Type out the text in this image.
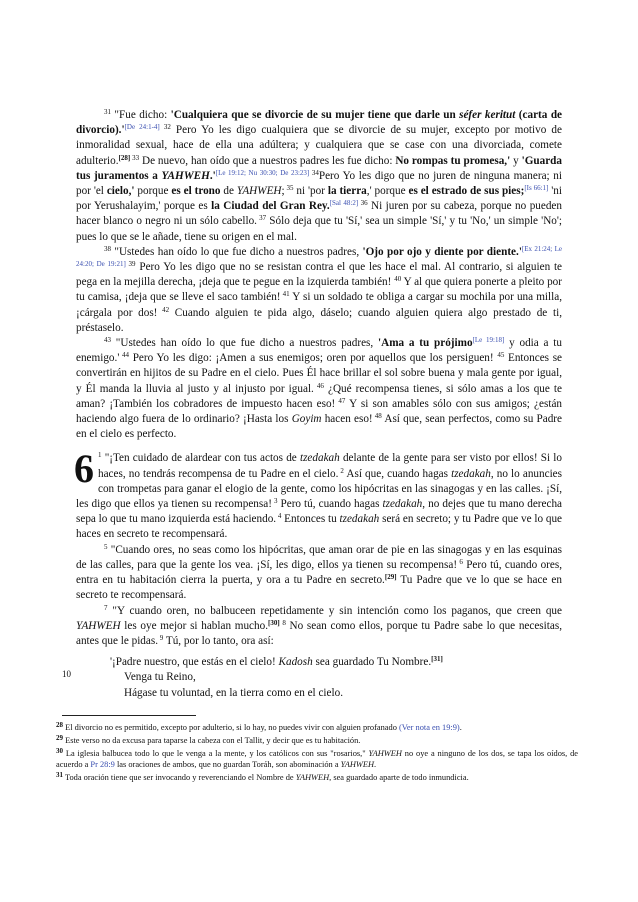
$^{31}$ "Fue dicho: 'Cualquiera que se divorcie de su mujer tiene que darle un séfer keritut (carta de divorcio).'[De 24:1-4] $^{32}$ Pero Yo les digo cualquiera que se divorcie de su mujer, excepto por motivo de inmoralidad sexual, hace de ella una adúltera; y cualquiera que se case con una divorciada, comete adulterio.[28] $^{33}$ De nuevo, han oído que a nuestros padres les fue dicho: No rompas tu promesa,' y 'Guarda tus juramentos a YAHWEH.'[Le 19:12; Nu 30:30; De 23:23] $^{34}$Pero Yo les digo que no juren de ninguna manera; ni por 'el cielo,' porque es el trono de YAHWEH; $^{35}$ ni 'por la tierra,' porque es el estrado de sus pies;[Is 66:1] 'ni por Yerushalayim,' porque es la Ciudad del Gran Rey.[Sal 48:2] $^{36}$ Ni juren por su cabeza, porque no pueden hacer blanco o negro ni un sólo cabello. $^{37}$ Sólo deja que tu 'Sí,' sea un simple 'Sí,' y tu 'No,' un simple 'No'; pues lo que se le añade, tiene su origen en el mal.

$^{38}$ "Ustedes han oído lo que fue dicho a nuestros padres, 'Ojo por ojo y diente por diente.'[Ex 21:24; Le 24:20; De 19:21] $^{39}$ Pero Yo les digo que no se resistan contra el que les hace el mal. Al contrario, si alguien te pega en la mejilla derecha, ¡deja que te pegue en la izquierda también! $^{40}$ Y al que quiera ponerte a pleito por tu camisa, ¡deja que se lleve el saco también! $^{41}$ Y si un soldado te obliga a cargar su mochila por una milla, ¡cárgala por dos! $^{42}$ Cuando alguien te pida algo, dáselo; cuando alguien quiera algo prestado de ti, préstaselo.

$^{43}$ "Ustedes han oído lo que fue dicho a nuestros padres, 'Ama a tu prójimo[Le 19:18] y odia a tu enemigo.' $^{44}$ Pero Yo les digo: ¡Amen a sus enemigos; oren por aquellos que los persiguen! $^{45}$ Entonces se convertirán en hijitos de su Padre en el cielo. Pues Él hace brillar el sol sobre buena y mala gente por igual, y Él manda la lluvia al justo y al injusto por igual. $^{46}$ ¿Qué recompensa tienes, si sólo amas a los que te aman? ¡También los cobradores de impuesto hacen eso! $^{47}$ Y si son amables sólo con sus amigos; ¿están haciendo algo fuera de lo ordinario? ¡Hasta los Goyim hacen eso! $^{48}$ Así que, sean perfectos, como su Padre en el cielo es perfecto.

6 $^1$ "¡Ten cuidado de alardear con tus actos de tzedakah delante de la gente para ser visto por ellos! Si lo haces, no tendrás recompensa de tu Padre en el cielo. $^2$ Así que, cuando hagas tzedakah, no lo anuncies con trompetas para ganar el elogio de la gente, como los hipócritas en las sinagogas y en las calles. ¡Sí, les digo que ellos ya tienen su recompensa! $^3$ Pero tú, cuando hagas tzedakah, no dejes que tu mano derecha sepa lo que tu mano izquierda está haciendo. $^4$ Entonces tu tzedakah será en secreto; y tu Padre que ve lo que haces en secreto te recompensará.

$^5$ "Cuando ores, no seas como los hipócritas, que aman orar de pie en las sinagogas y en las esquinas de las calles, para que la gente los vea. ¡Sí, les digo, ellos ya tienen su recompensa! $^6$ Pero tú, cuando ores, entra en tu habitación cierra la puerta, y ora a tu Padre en secreto.[29] Tu Padre que ve lo que se hace en secreto te recompensará.

$^7$ "Y cuando oren, no balbuceen repetidamente y sin intención como los paganos, que creen que YAHWEH les oye mejor si hablan mucho.[30] $^8$ No sean como ellos, porque tu Padre sabe lo que necesitas, antes que le pidas. $^9$ Tú, por lo tanto, ora así:

10
'¡Padre nuestro, que estás en el cielo! Kadosh sea guardado Tu Nombre.[31]
Venga tu Reino,
Hágase tu voluntad, en la tierra como en el cielo.

$^{28}$ El divorcio no es permitido, excepto por adulterio, si lo hay, no puedes vivir con alguien profanado (Ver nota en 19:9).

$^{29}$ Este verso no da excusa para taparse la cabeza con el Tallit, y decir que es tu habitación.

$^{30}$ La iglesia balbucea todo lo que le venga a la mente, y los católicos con sus "rosarios," YAHWEH no oye a ninguno de los dos, se tapa los oídos, de acuerdo a Pr 28:9 las oraciones de ambos, que no guardan Toráh, son abominación a YAHWEH.

$^{31}$ Toda oración tiene que ser invocando y reverenciando el Nombre de YAHWEH, sea guardado aparte de todo inmundicia.
